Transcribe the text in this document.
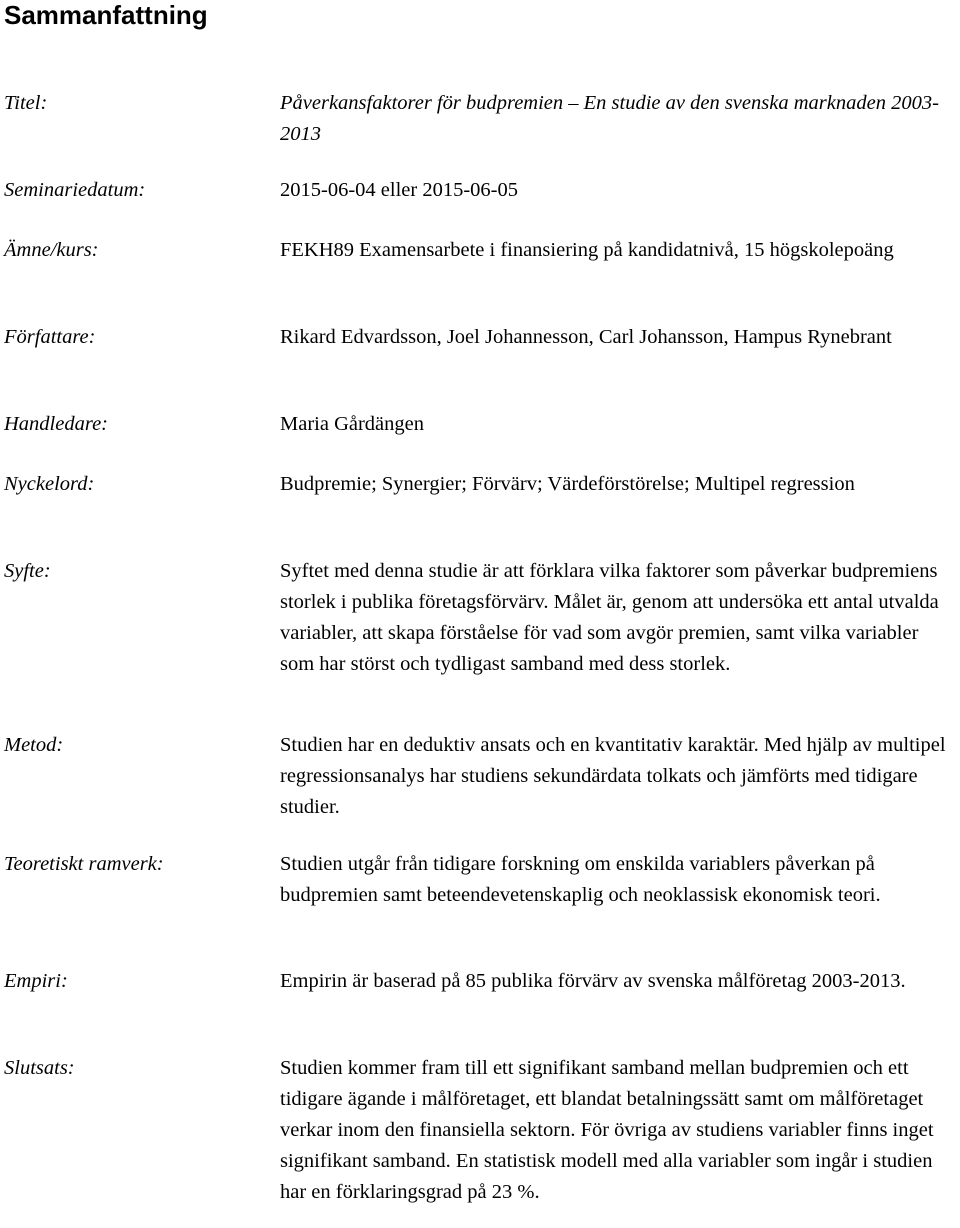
Sammanfattning
Titel:	Påverkansfaktorer för budpremien – En studie av den svenska marknaden 2003-2013
Seminariedatum:	2015-06-04 eller 2015-06-05
Ämne/kurs:	FEKH89 Examensarbete i finansiering på kandidatnivå, 15 högskolepoäng
Författare:	Rikard Edvardsson, Joel Johannesson, Carl Johansson, Hampus Rynebrant
Handledare:	Maria Gårdängen
Nyckelord:	Budpremie; Synergier; Förvärv; Värdeförstörelse; Multipel regression
Syfte:	Syftet med denna studie är att förklara vilka faktorer som påverkar budpremiens storlek i publika företagsförvärv. Målet är, genom att undersöka ett antal utvalda variabler, att skapa förståelse för vad som avgör premien, samt vilka variabler som har störst och tydligast samband med dess storlek.
Metod:	Studien har en deduktiv ansats och en kvantitativ karaktär. Med hjälp av multipel regressionsanalys har studiens sekundärdata tolkats och jämförts med tidigare studier.
Teoretiskt ramverk:	Studien utgår från tidigare forskning om enskilda variablers påverkan på budpremien samt beteendevetenskaplig och neoklassisk ekonomisk teori.
Empiri:	Empirin är baserad på 85 publika förvärv av svenska målföretag 2003-2013.
Slutsats:	Studien kommer fram till ett signifikant samband mellan budpremien och ett tidigare ägande i målföretaget, ett blandat betalningssätt samt om målföretaget verkar inom den finansiella sektorn. För övriga av studiens variabler finns inget signifikant samband. En statistisk modell med alla variabler som ingår i studien har en förklaringsgrad på 23 %.
